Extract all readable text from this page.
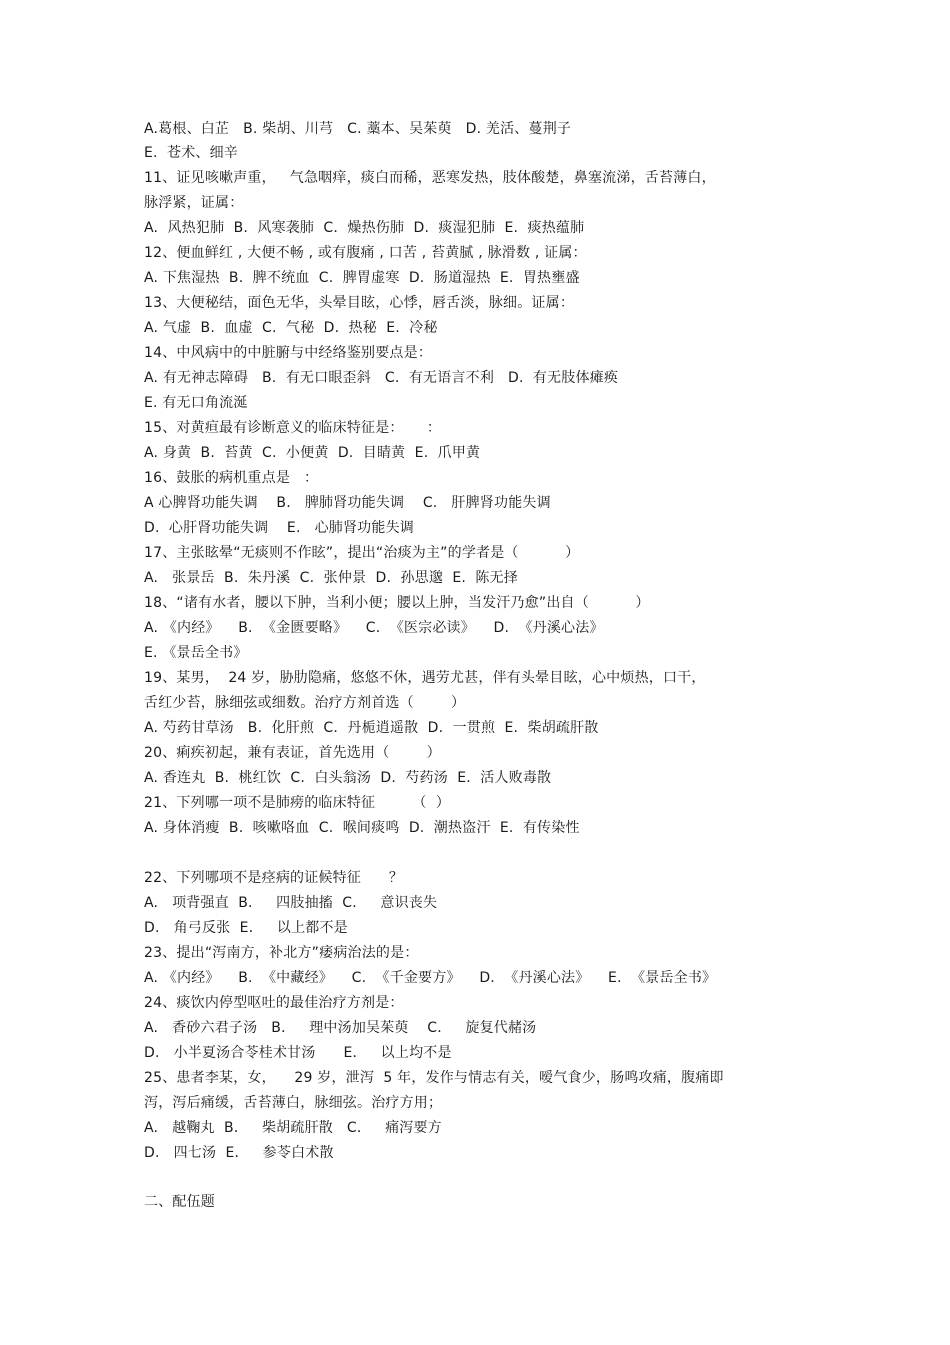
A.葛根、白芷   B. 柴胡、川芎   C. 藁本、吴茱萸   D. 羌活、蔓荆子
E.  苍术、细辛
11、证见咳嗽声重，   气急咽痒，痰白而稀，恶寒发热，肢体酸楚，鼻塞流涕，舌苔薄白，
脉浮紧，证属：
A.  风热犯肺  B.  风寒袭肺  C.  燥热伤肺  D.  痰湿犯肺  E.  痰热蕴肺
12、便血鲜红 , 大便不畅 , 或有腹痛 , 口苦 , 苔黄腻 , 脉滑数 , 证属：
A. 下焦湿热  B.  脾不统血  C.  脾胃虚寒  D.  肠道湿热  E.  胃热壅盛
13、大便秘结，面色无华，头晕目眩，心悸，唇舌淡，脉细。证属：
A. 气虚  B.  血虚  C.  气秘  D.  热秘  E.  冷秘
14、中风病中的中脏腑与中经络鉴别要点是：
A. 有无神志障碍   B.  有无口眼歪斜   C.  有无语言不利   D.  有无肢体瘫痪
E. 有无口角流涎
15、对黄疸最有诊断意义的临床特征是：     ：
A. 身黄  B.  苔黄  C.  小便黄  D.  目睛黄  E.  爪甲黄
16、鼓胀的病机重点是   ：
A 心脾肾功能失调    B.   脾肺肾功能失调    C.   肝脾肾功能失调
D.  心肝肾功能失调    E.   心肺肾功能失调
17、主张眩晕“无痰则不作眩”，提出“治痰为主”的学者是（          ）
A.   张景岳  B.  朱丹溪  C.  张仲景  D.  孙思邈  E.  陈无择
18、“诸有水者，腰以下肿，当利小便；腰以上肿，当发汗乃愈”出自（          ）
A. 《内经》    B.  《金匮要略》    C.  《医宗必读》    D.  《丹溪心法》
E. 《景岳全书》
19、某男，  24 岁，胁肋隐痛，悠悠不休，遇劳尤甚，伴有头晕目眩，心中烦热，口干，
舌红少苔，脉细弦或细数。治疗方剂首选（        ）
A. 芍药甘草汤   B.  化肝煎  C.  丹栀逍遥散  D.  一贯煎  E.  柴胡疏肝散
20、痢疾初起，兼有表证，首先选用（        ）
A. 香连丸  B.  桃红饮  C.  白头翁汤  D.  芍药汤  E.  活人败毒散
21、下列哪一项不是肺痨的临床特征        （  ）
A. 身体消瘦  B.  咳嗽咯血  C.  喉间痰鸣  D.  潮热盗汗  E.  有传染性
22、下列哪项不是痉病的证候特征      ？
A.   项背强直  B．   四肢抽搐  C．   意识丧失
D.   角弓反张  E．   以上都不是
23、提出“泻南方，补北方”痿病治法的是：
A. 《内经》    B.  《中藏经》    C.  《千金要方》    D.  《丹溪心法》    E.  《景岳全书》
24、痰饮内停型呕吐的最佳治疗方剂是：
A.   香砂六君子汤   B．   理中汤加吴茱萸    C．   旋复代赭汤
D.   小半夏汤合苓桂术甘汤      E．   以上均不是
25、患者李某，女，    29 岁，泄泻  5 年，发作与情志有关，嗳气食少，肠鸣攻痛，腹痛即
泻，泻后痛缓，舌苔薄白，脉细弦。治疗方用；
A.   越鞠丸  B．   柴胡疏肝散   C．   痛泻要方
D.   四七汤  E．   参苓白术散
二、配伍题
